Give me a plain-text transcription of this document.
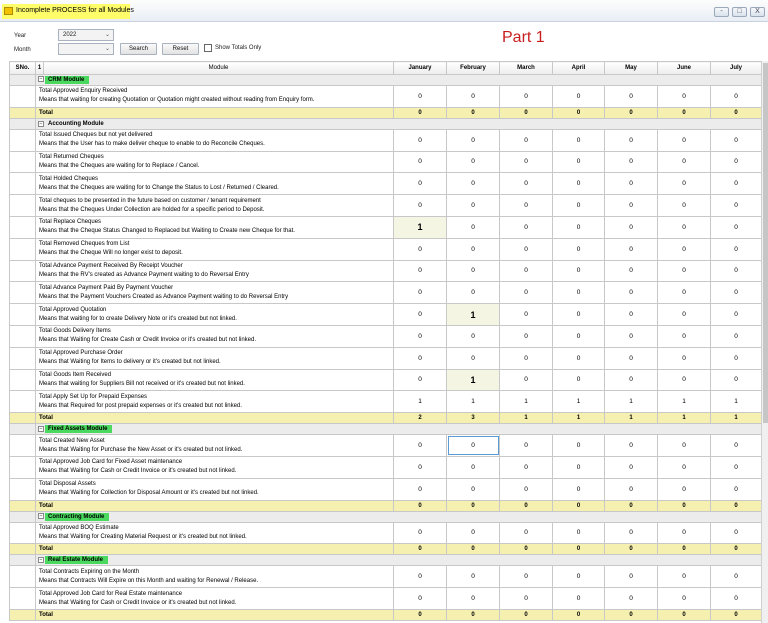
Incomplete PROCESS for all Modules	-	□	X
Year	2022	⌄
Month	⌄	Search	Reset	Show Totals Only
Part 1
SNo.	1	Module	January	February	March	April	May	June	July
	− CRM Module								

	Total Approved Enquiry Received
Means that waiting for creating Quotation or Quotation might created without reading from Enquiry form.		0	0	0	0	0	0	0
	Total		0	0	0	0	0	0	0
	− Accounting Module								

	Total Issued Cheques but not yet delivered
Means that the User has to make deliver cheque to enable to do Reconcile Cheques.		0	0	0	0	0	0	0

	Total Returned Cheques
Means that the Cheques are waiting for to Replace / Cancel.		0	0	0	0	0	0	0

	Total Holded Cheques
Means that the Cheques are waiting for to Change the Status to Lost / Returned / Cleared.		0	0	0	0	0	0	0

	Total cheques to be presented in the future based on customer / tenant requirement
Means that the Cheques Under Collection are holded for a specific period to Deposit.		0	0	0	0	0	0	0

	Total Replace Cheques
Means that the Cheque Status Changed to Replaced but Waiting to Create new Cheque for that.		1	0	0	0	0	0	0

	Total Removed Cheques from List
Means that the Cheque Will no longer exist to deposit.		0	0	0	0	0	0	0

	Total Advance Payment Received By Receipt Voucher
Means that the RV's created as Advance Payment waiting to do Reversal Entry		0	0	0	0	0	0	0

	Total Advance Payment Paid By Payment Voucher
Means that the Payment Vouchers Created as Advance Payment waiting to do Reversal Entry		0	0	0	0	0	0	0

	Total Approved Quotation
Means that waiting for to create Delivery Note or it's created but not linked.		0	1	0	0	0	0	0

	Total Goods Delivery Items
Means that Waiting for Create Cash or Credit Invoice or it's created but not linked.		0	0	0	0	0	0	0

	Total Approved Purchase Order
Means that Waiting for Items to delivery or it's created but not linked.		0	0	0	0	0	0	0

	Total Goods Item Received
Means that waiting for Suppliers Bill not received or it's created but not linked.		0	1	0	0	0	0	0

	Total Apply Set Up for Prepaid Expenses
Means that Required for post prepaid expenses or it's created but not linked.		1	1	1	1	1	1	1
	Total		2	3	1	1	1	1	1
	− Fixed Assets Module								

	Total Created New Asset
Means that Waiting for Purchase the New Asset or it's created but not linked.		0	0	0	0	0	0	0

	Total Approved Job Card for Fixed Asset maintenance
Means that Waiting for Cash or Credit Invoice or it's created but not linked.		0	0	0	0	0	0	0

	Total Disposal Assets
Means that Waiting for Collection for Disposal Amount or it's created but not linked.		0	0	0	0	0	0	0
	Total		0	0	0	0	0	0	0
	− Contracting Module								

	Total Approved BOQ Estimate
Means that Waiting for Creating Material Request or it's created but not linked.		0	0	0	0	0	0	0
	Total		0	0	0	0	0	0	0
	− Real Estate Module								

	Total Contracts Expiring on the Month
Means that Contracts Will Expire on this Month and waiting for Renewal / Release.		0	0	0	0	0	0	0

	Total Approved Job Card for Real Estate maintenance
Means that Waiting for Cash or Credit Invoice or it's created but not linked.		0	0	0	0	0	0	0
	Total		0	0	0	0	0	0	0
